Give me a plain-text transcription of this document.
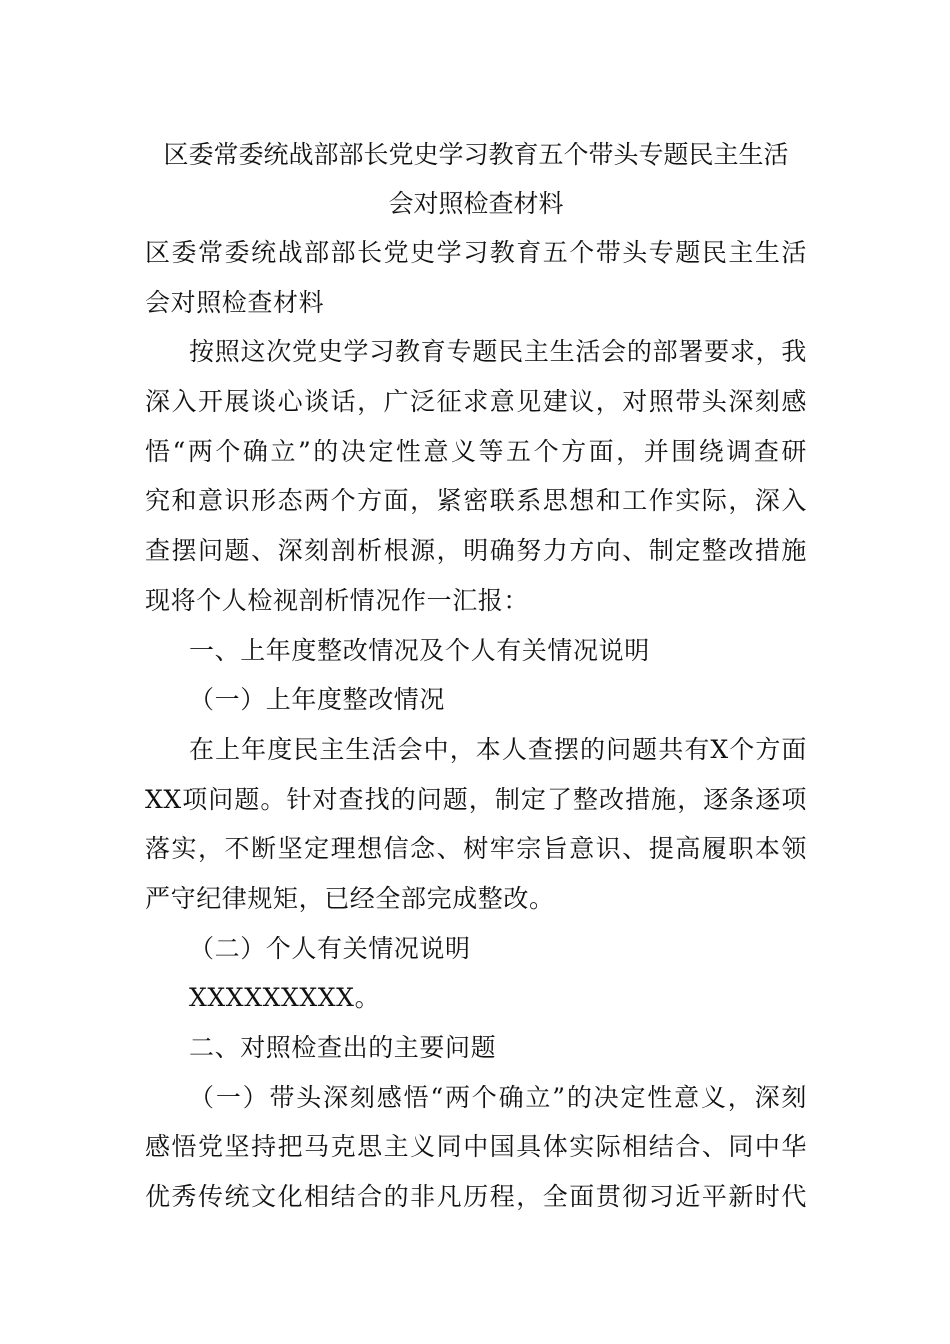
区委常委统战部部长党史学习教育五个带头专题民主生活
会对照检查材料
区委常委统战部部长党史学习教育五个带头专题民主生活
会对照检查材料
按照这次党史学习教育专题民主生活会的部署要求，我
深入开展谈心谈话，广泛征求意见建议，对照带头深刻感
悟“两个确立”的决定性意义等五个方面，并围绕调查研
究和意识形态两个方面，紧密联系思想和工作实际，深入
查摆问题、深刻剖析根源，明确努力方向、制定整改措施
现将个人检视剖析情况作一汇报：
一、上年度整改情况及个人有关情况说明
（一）上年度整改情况
在上年度民主生活会中，本人查摆的问题共有X个方面
XX项问题。针对查找的问题，制定了整改措施，逐条逐项
落实，不断坚定理想信念、树牢宗旨意识、提高履职本领
严守纪律规矩，已经全部完成整改。
（二）个人有关情况说明
XXXXXXXXX。
二、对照检查出的主要问题
（一）带头深刻感悟“两个确立”的决定性意义，深刻
感悟党坚持把马克思主义同中国具体实际相结合、同中华
优秀传统文化相结合的非凡历程，全面贯彻习近平新时代
